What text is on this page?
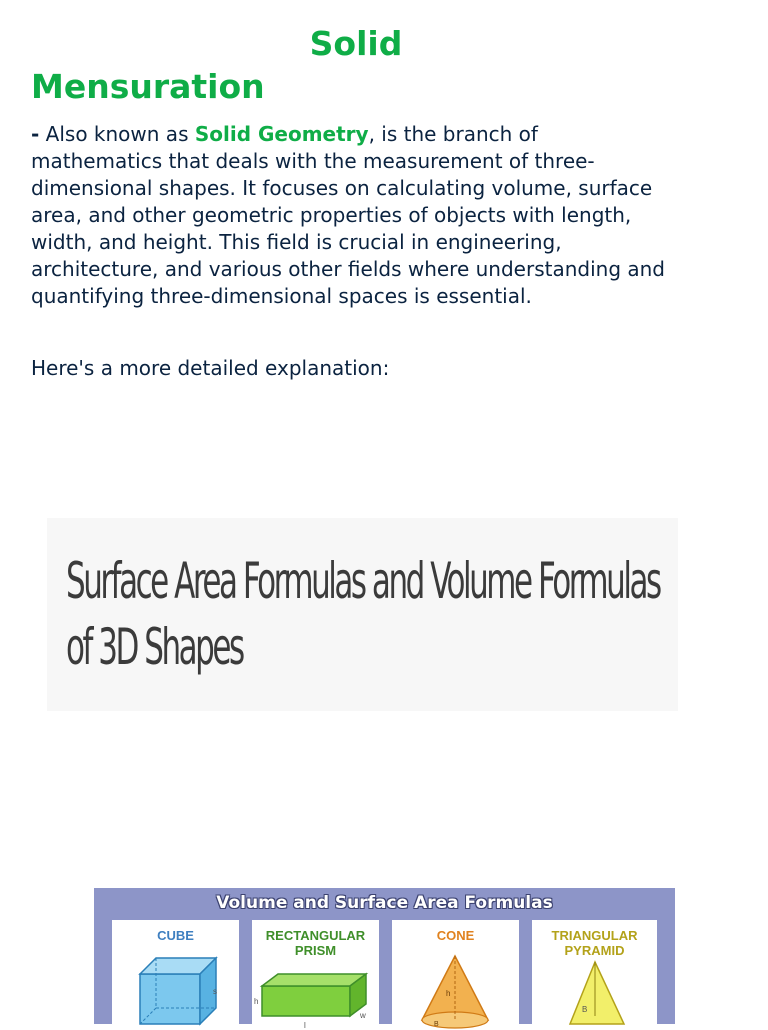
Solid
Mensuration

- Also known as Solid Geometry, is the branch of mathematics that deals with the measurement of three-dimensional shapes. It focuses on calculating volume, surface area, and other geometric properties of objects with length, width, and height. This field is crucial in engineering, architecture, and various other fields where understanding and quantifying three-dimensional spaces is essential.

Here's a more detailed explanation:

Surface Area Formulas and Volume Formulas of 3D Shapes
Volume and Surface Area Formulas
CUBE
s
RECTANGULAR
PRISM
h
w
l
CONE
h
B
TRIANGULAR
PYRAMID
B
